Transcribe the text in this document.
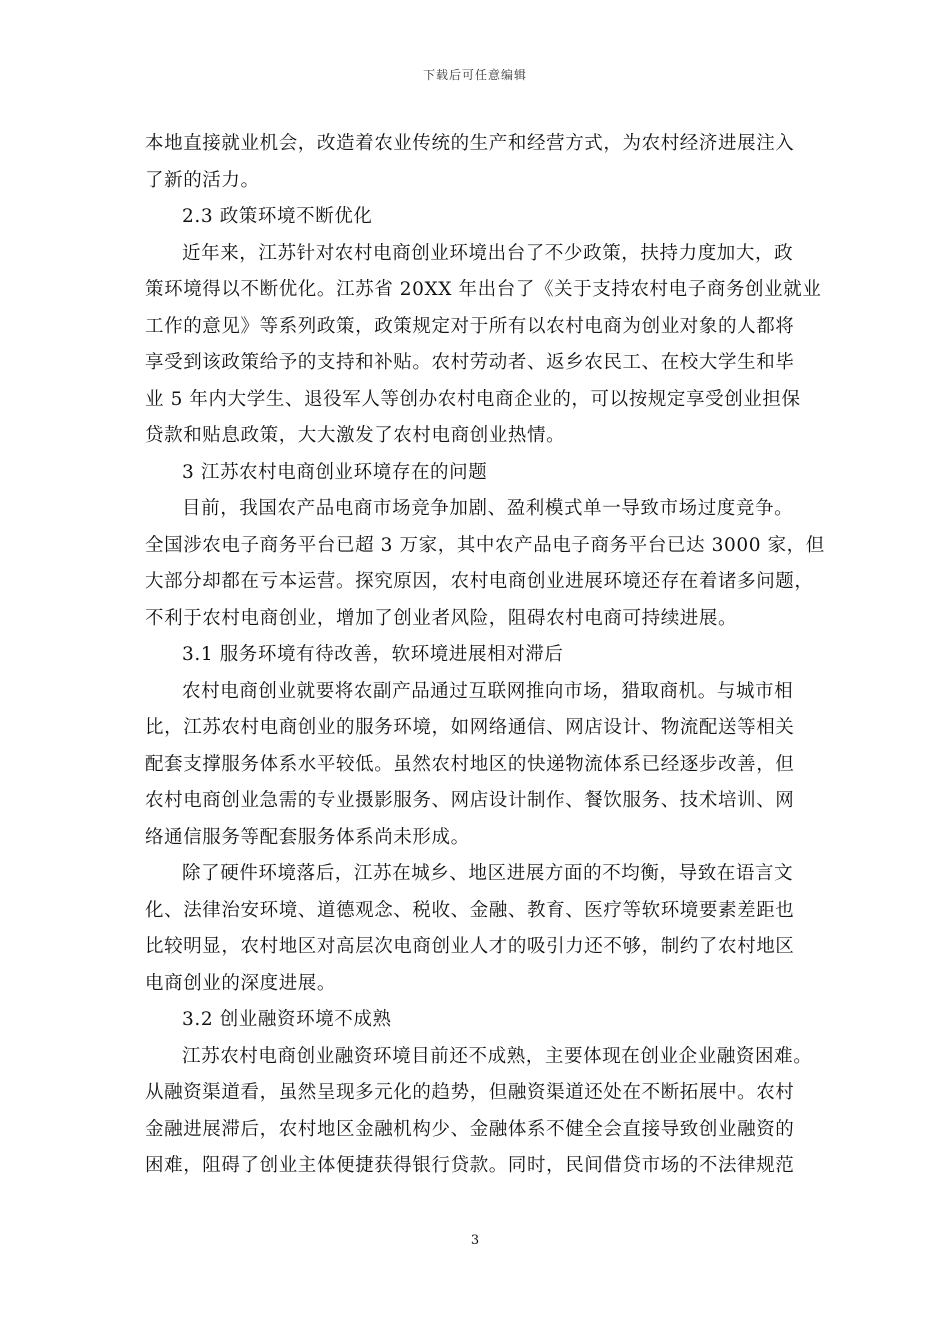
下载后可任意编辑
本地直接就业机会，改造着农业传统的生产和经营方式，为农村经济进展注入
了新的活力。
2.3 政策环境不断优化
近年来，江苏针对农村电商创业环境出台了不少政策，扶持力度加大，政
策环境得以不断优化。江苏省 20XX 年出台了《关于支持农村电子商务创业就业
工作的意见》等系列政策，政策规定对于所有以农村电商为创业对象的人都将
享受到该政策给予的支持和补贴。农村劳动者、返乡农民工、在校大学生和毕
业 5 年内大学生、退役军人等创办农村电商企业的，可以按规定享受创业担保
贷款和贴息政策，大大激发了农村电商创业热情。
3 江苏农村电商创业环境存在的问题
目前，我国农产品电商市场竞争加剧、盈利模式单一导致市场过度竞争。
全国涉农电子商务平台已超 3 万家，其中农产品电子商务平台已达 3000 家，但
大部分却都在亏本运营。探究原因，农村电商创业进展环境还存在着诸多问题，
不利于农村电商创业，增加了创业者风险，阻碍农村电商可持续进展。
3.1 服务环境有待改善，软环境进展相对滞后
农村电商创业就要将农副产品通过互联网推向市场，猎取商机。与城市相
比，江苏农村电商创业的服务环境，如网络通信、网店设计、物流配送等相关
配套支撑服务体系水平较低。虽然农村地区的快递物流体系已经逐步改善，但
农村电商创业急需的专业摄影服务、网店设计制作、餐饮服务、技术培训、网
络通信服务等配套服务体系尚未形成。
除了硬件环境落后，江苏在城乡、地区进展方面的不均衡，导致在语言文
化、法律治安环境、道德观念、税收、金融、教育、医疗等软环境要素差距也
比较明显，农村地区对高层次电商创业人才的吸引力还不够，制约了农村地区
电商创业的深度进展。
3.2 创业融资环境不成熟
江苏农村电商创业融资环境目前还不成熟，主要体现在创业企业融资困难。
从融资渠道看，虽然呈现多元化的趋势，但融资渠道还处在不断拓展中。农村
金融进展滞后，农村地区金融机构少、金融体系不健全会直接导致创业融资的
困难，阻碍了创业主体便捷获得银行贷款。同时，民间借贷市场的不法律规范
3
